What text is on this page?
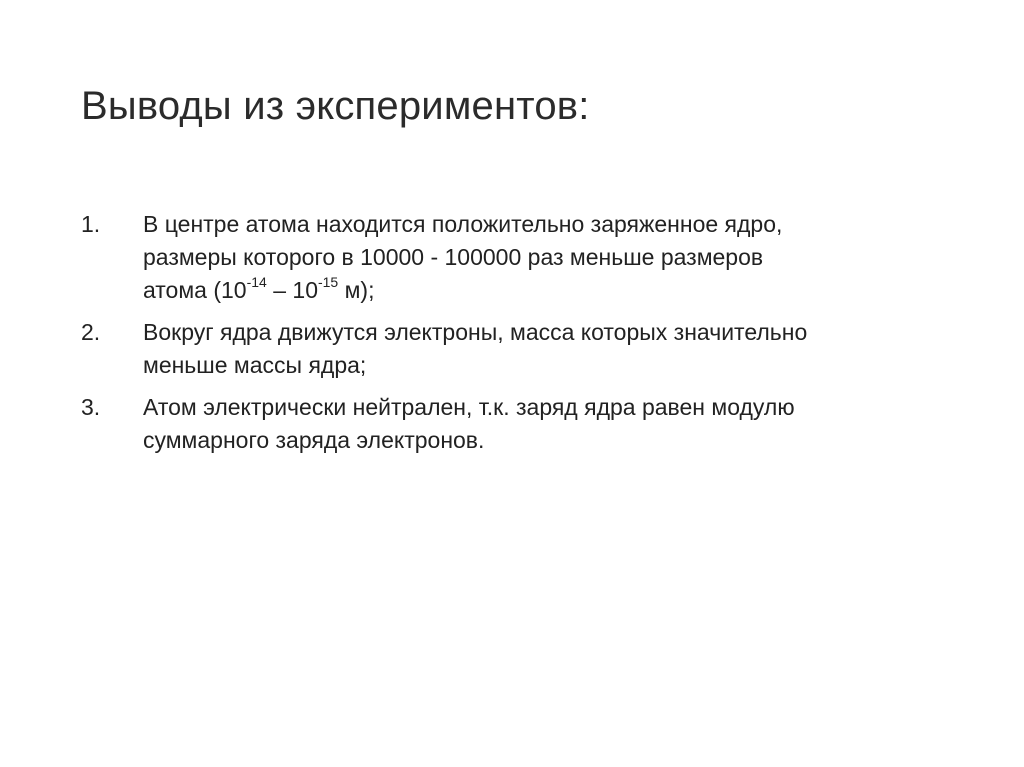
Выводы из экспериментов:
1.	В центре атома находится положительно заряженное ядро,
размеры которого в 10000 - 100000 раз меньше размеров
атома ($10^{-14} - 10^{-15}$ м);
2.	Вокруг ядра движутся электроны, масса которых значительно
меньше массы ядра;
3.	Атом электрически нейтрален, т.к. заряд ядра равен модулю
суммарного заряда электронов.
